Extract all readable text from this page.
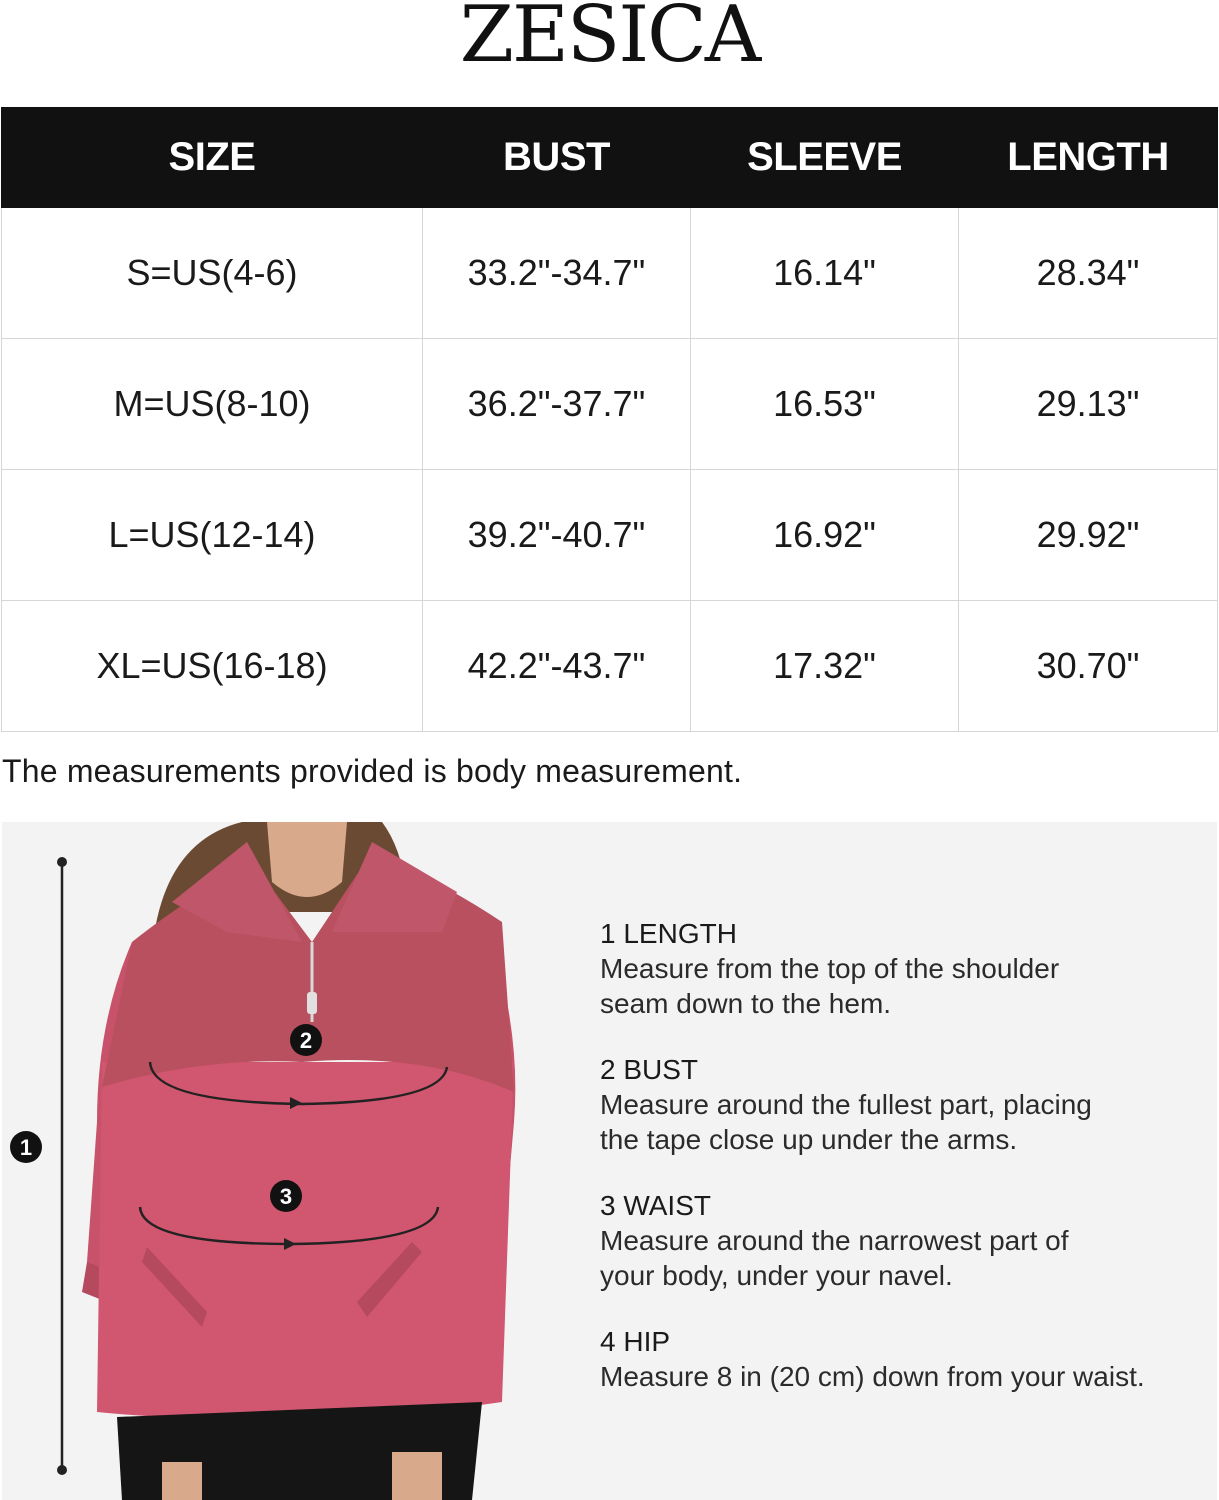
ZESICA
SIZE	BUST	SLEEVE	LENGTH
S=US(4-6)	33.2"-34.7"	16.14"	28.34"
M=US(8-10)	36.2"-37.7"	16.53"	29.13"
L=US(12-14)	39.2"-40.7"	16.92"	29.92"
XL=US(16-18)	42.2"-43.7"	17.32"	30.70"
The measurements provided is body measurement.
1
2
3
1 LENGTH
Measure from the top of the shoulder
seam down to the hem.
2 BUST
Measure around the fullest part, placing
the tape close up under the arms.
3 WAIST
Measure around the narrowest part of
your body, under your navel.
4 HIP
Measure 8 in (20 cm) down from your waist.
